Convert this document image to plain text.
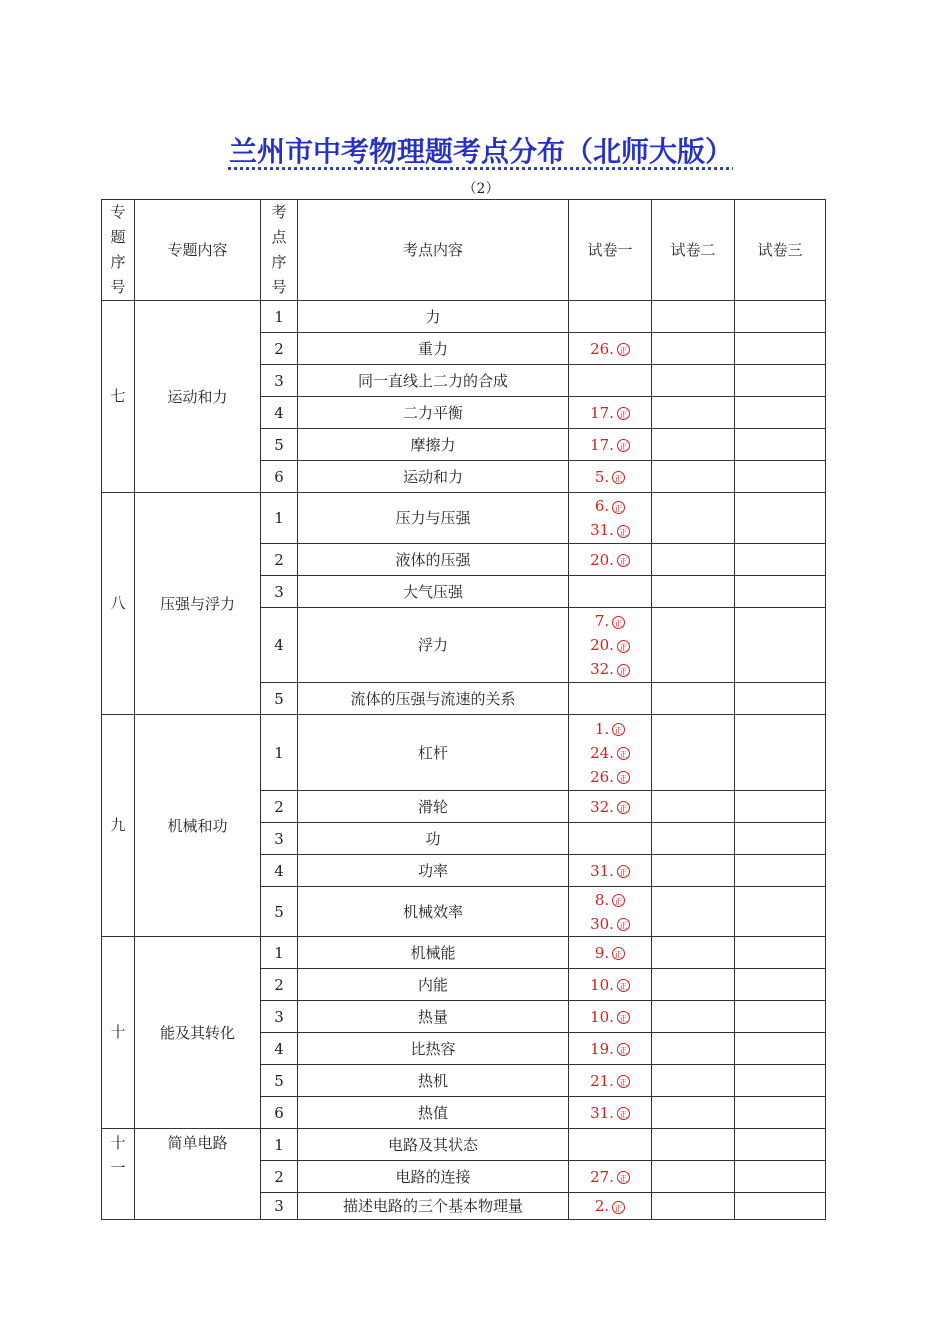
兰州市中考物理题考点分布（北师大版）
（2）
专题序号	专题内容	考点序号	考点内容	试卷一	试卷二	试卷三
七	运动和力	1	力			
		2	重力	26. 正		

		3	同一直线上二力的合成			
		4	二力平衡	17. 正		

		5	摩擦力	17. 正		

		6	运动和力	5. 正		

八	压强与浮力	1	压力与压强	6. 正
31. 正		

		2	液体的压强	20. 正		

		3	大气压强			
		4	浮力	7. 正
20. 正
32. 正		

		5	流体的压强与流速的关系			
九	机械和功	1	杠杆	1. 正
24. 正
26. 正		

		2	滑轮	32. 正		

		3	功			
		4	功率	31. 正		

		5	机械效率	8. 正
30. 正		

十	能及其转化	1	机械能	9. 正		

		2	内能	10. 正		

		3	热量	10. 正		

		4	比热容	19. 正		

		5	热机	21. 正		

		6	热值	31. 正		

十一	简单电路	1	电路及其状态			
		2	电路的连接	27. 正		

		3	描述电路的三个基本物理量	2. 正		
